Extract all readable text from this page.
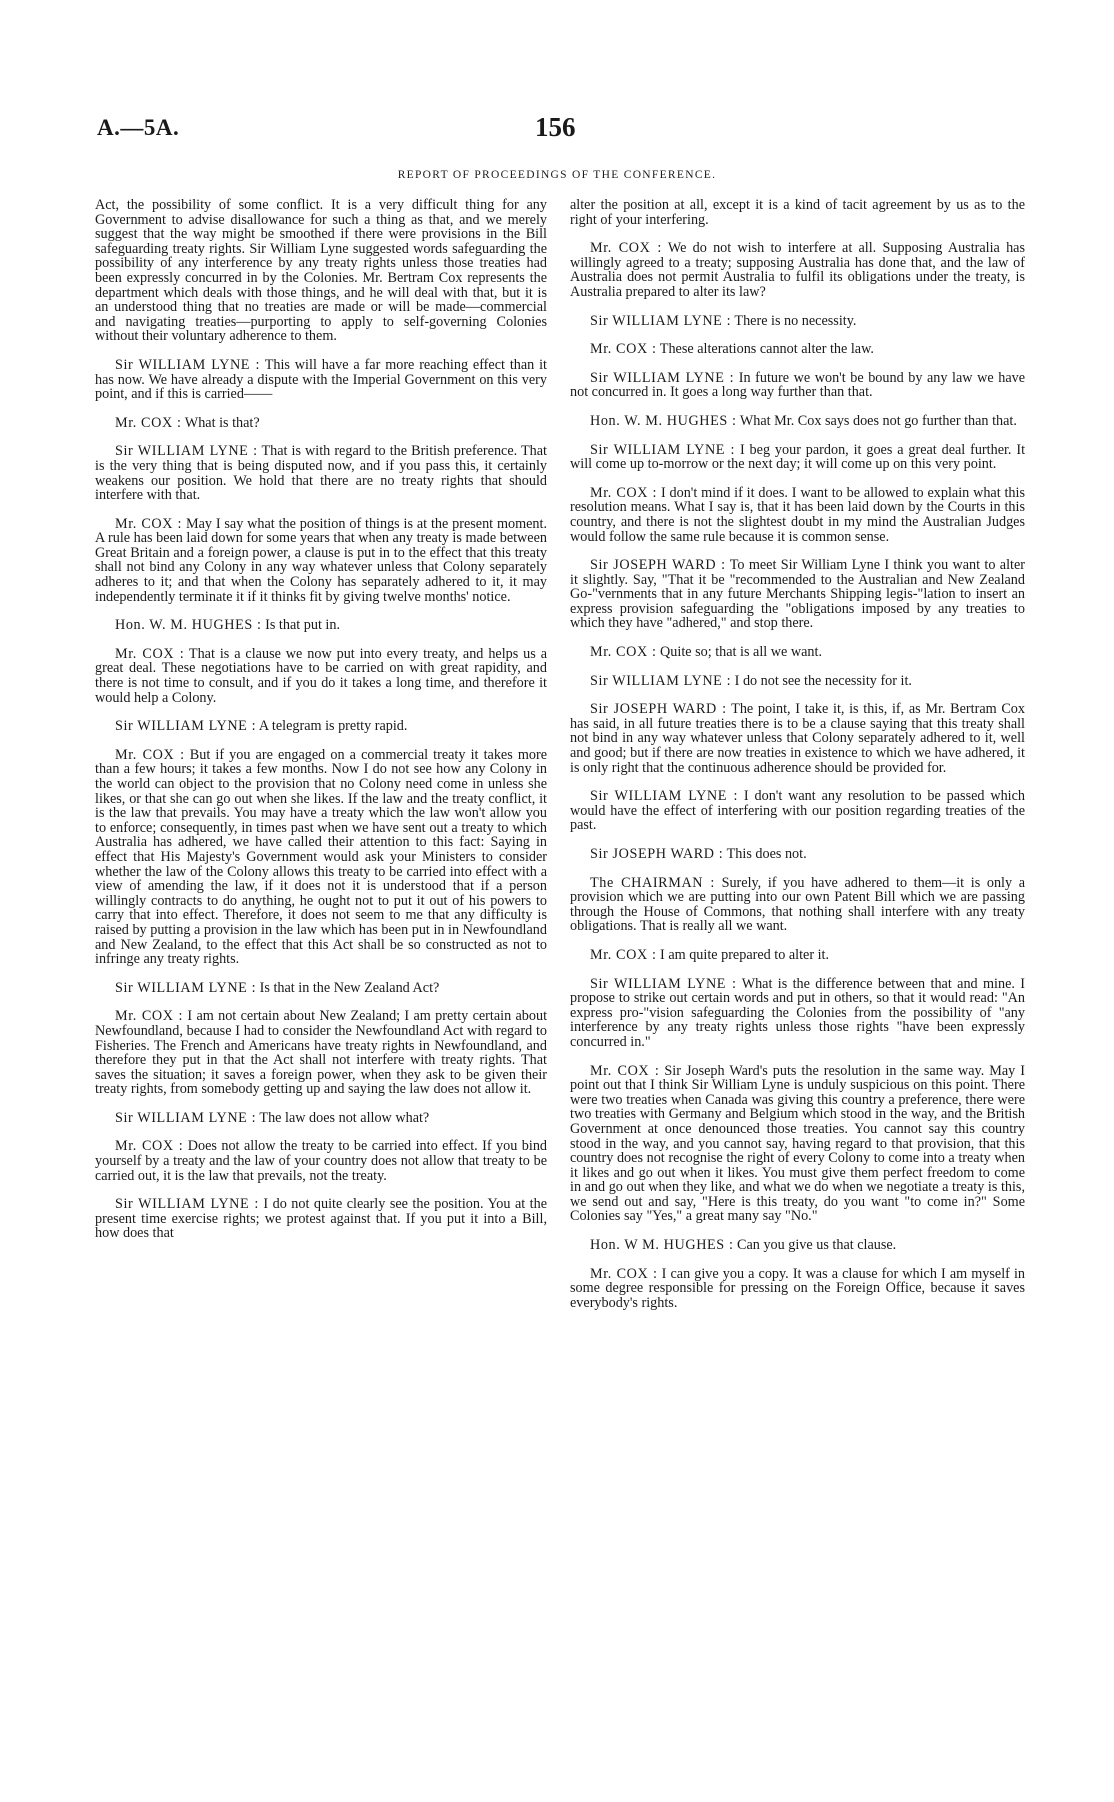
A.—5A.	156
REPORT OF PROCEEDINGS OF THE CONFERENCE.

Act, the possibility of some conflict. It is a very difficult thing for any Government to advise disallowance for such a thing as that, and we merely suggest that the way might be smoothed if there were provisions in the Bill safeguarding treaty rights. Sir William Lyne suggested words safeguarding the possibility of any interference by any treaty rights unless those treaties had been expressly concurred in by the Colonies. Mr. Bertram Cox represents the department which deals with those things, and he will deal with that, but it is an understood thing that no treaties are made or will be made—commercial and navigating treaties—purporting to apply to self-governing Colonies without their voluntary adherence to them.

Sir WILLIAM LYNE : This will have a far more reaching effect than it has now. We have already a dispute with the Imperial Government on this very point, and if this is carried——

Mr. COX : What is that?

Sir WILLIAM LYNE : That is with regard to the British preference. That is the very thing that is being disputed now, and if you pass this, it certainly weakens our position. We hold that there are no treaty rights that should interfere with that.

Mr. COX : May I say what the position of things is at the present moment. A rule has been laid down for some years that when any treaty is made between Great Britain and a foreign power, a clause is put in to the effect that this treaty shall not bind any Colony in any way whatever unless that Colony separately adheres to it; and that when the Colony has separately adhered to it, it may independently terminate it if it thinks fit by giving twelve months' notice.

Hon. W. M. HUGHES : Is that put in.

Mr. COX : That is a clause we now put into every treaty, and helps us a great deal. These negotiations have to be carried on with great rapidity, and there is not time to consult, and if you do it takes a long time, and therefore it would help a Colony.

Sir WILLIAM LYNE : A telegram is pretty rapid.

Mr. COX : But if you are engaged on a commercial treaty it takes more than a few hours; it takes a few months. Now I do not see how any Colony in the world can object to the provision that no Colony need come in unless she likes, or that she can go out when she likes. If the law and the treaty conflict, it is the law that prevails. You may have a treaty which the law won't allow you to enforce; consequently, in times past when we have sent out a treaty to which Australia has adhered, we have called their attention to this fact: Saying in effect that His Majesty's Government would ask your Ministers to consider whether the law of the Colony allows this treaty to be carried into effect with a view of amending the law, if it does not it is understood that if a person willingly contracts to do anything, he ought not to put it out of his powers to carry that into effect. Therefore, it does not seem to me that any difficulty is raised by putting a provision in the law which has been put in in Newfoundland and New Zealand, to the effect that this Act shall be so constructed as not to infringe any treaty rights.

Sir WILLIAM LYNE : Is that in the New Zealand Act?

Mr. COX : I am not certain about New Zealand; I am pretty certain about Newfoundland, because I had to consider the Newfoundland Act with regard to Fisheries. The French and Americans have treaty rights in Newfoundland, and therefore they put in that the Act shall not interfere with treaty rights. That saves the situation; it saves a foreign power, when they ask to be given their treaty rights, from somebody getting up and saying the law does not allow it.

Sir WILLIAM LYNE : The law does not allow what?

Mr. COX : Does not allow the treaty to be carried into effect. If you bind yourself by a treaty and the law of your country does not allow that treaty to be carried out, it is the law that prevails, not the treaty.

Sir WILLIAM LYNE : I do not quite clearly see the position. You at the present time exercise rights; we protest against that. If you put it into a Bill, how does that

alter the position at all, except it is a kind of tacit agreement by us as to the right of your interfering.

Mr. COX : We do not wish to interfere at all. Supposing Australia has willingly agreed to a treaty; supposing Australia has done that, and the law of Australia does not permit Australia to fulfil its obligations under the treaty, is Australia prepared to alter its law?

Sir WILLIAM LYNE : There is no necessity.

Mr. COX : These alterations cannot alter the law.

Sir WILLIAM LYNE : In future we won't be bound by any law we have not concurred in. It goes a long way further than that.

Hon. W. M. HUGHES : What Mr. Cox says does not go further than that.

Sir WILLIAM LYNE : I beg your pardon, it goes a great deal further. It will come up to-morrow or the next day; it will come up on this very point.

Mr. COX : I don't mind if it does. I want to be allowed to explain what this resolution means. What I say is, that it has been laid down by the Courts in this country, and there is not the slightest doubt in my mind the Australian Judges would follow the same rule because it is common sense.

Sir JOSEPH WARD : To meet Sir William Lyne I think you want to alter it slightly. Say, "That it be "recommended to the Australian and New Zealand Go-"vernments that in any future Merchants Shipping legis-"lation to insert an express provision safeguarding the "obligations imposed by any treaties to which they have "adhered," and stop there.

Mr. COX : Quite so; that is all we want.

Sir WILLIAM LYNE : I do not see the necessity for it.

Sir JOSEPH WARD : The point, I take it, is this, if, as Mr. Bertram Cox has said, in all future treaties there is to be a clause saying that this treaty shall not bind in any way whatever unless that Colony separately adhered to it, well and good; but if there are now treaties in existence to which we have adhered, it is only right that the continuous adherence should be provided for.

Sir WILLIAM LYNE : I don't want any resolution to be passed which would have the effect of interfering with our position regarding treaties of the past.

Sir JOSEPH WARD : This does not.

The CHAIRMAN : Surely, if you have adhered to them—it is only a provision which we are putting into our own Patent Bill which we are passing through the House of Commons, that nothing shall interfere with any treaty obligations. That is really all we want.

Mr. COX : I am quite prepared to alter it.

Sir WILLIAM LYNE : What is the difference between that and mine. I propose to strike out certain words and put in others, so that it would read: "An express pro-"vision safeguarding the Colonies from the possibility of "any interference by any treaty rights unless those rights "have been expressly concurred in."

Mr. COX : Sir Joseph Ward's puts the resolution in the same way. May I point out that I think Sir William Lyne is unduly suspicious on this point. There were two treaties when Canada was giving this country a preference, there were two treaties with Germany and Belgium which stood in the way, and the British Government at once denounced those treaties. You cannot say this country stood in the way, and you cannot say, having regard to that provision, that this country does not recognise the right of every Colony to come into a treaty when it likes and go out when it likes. You must give them perfect freedom to come in and go out when they like, and what we do when we negotiate a treaty is this, we send out and say, "Here is this treaty, do you want "to come in?" Some Colonies say "Yes," a great many say "No."

Hon. W M. HUGHES : Can you give us that clause.

Mr. COX : I can give you a copy. It was a clause for which I am myself in some degree responsible for pressing on the Foreign Office, because it saves everybody's rights.
